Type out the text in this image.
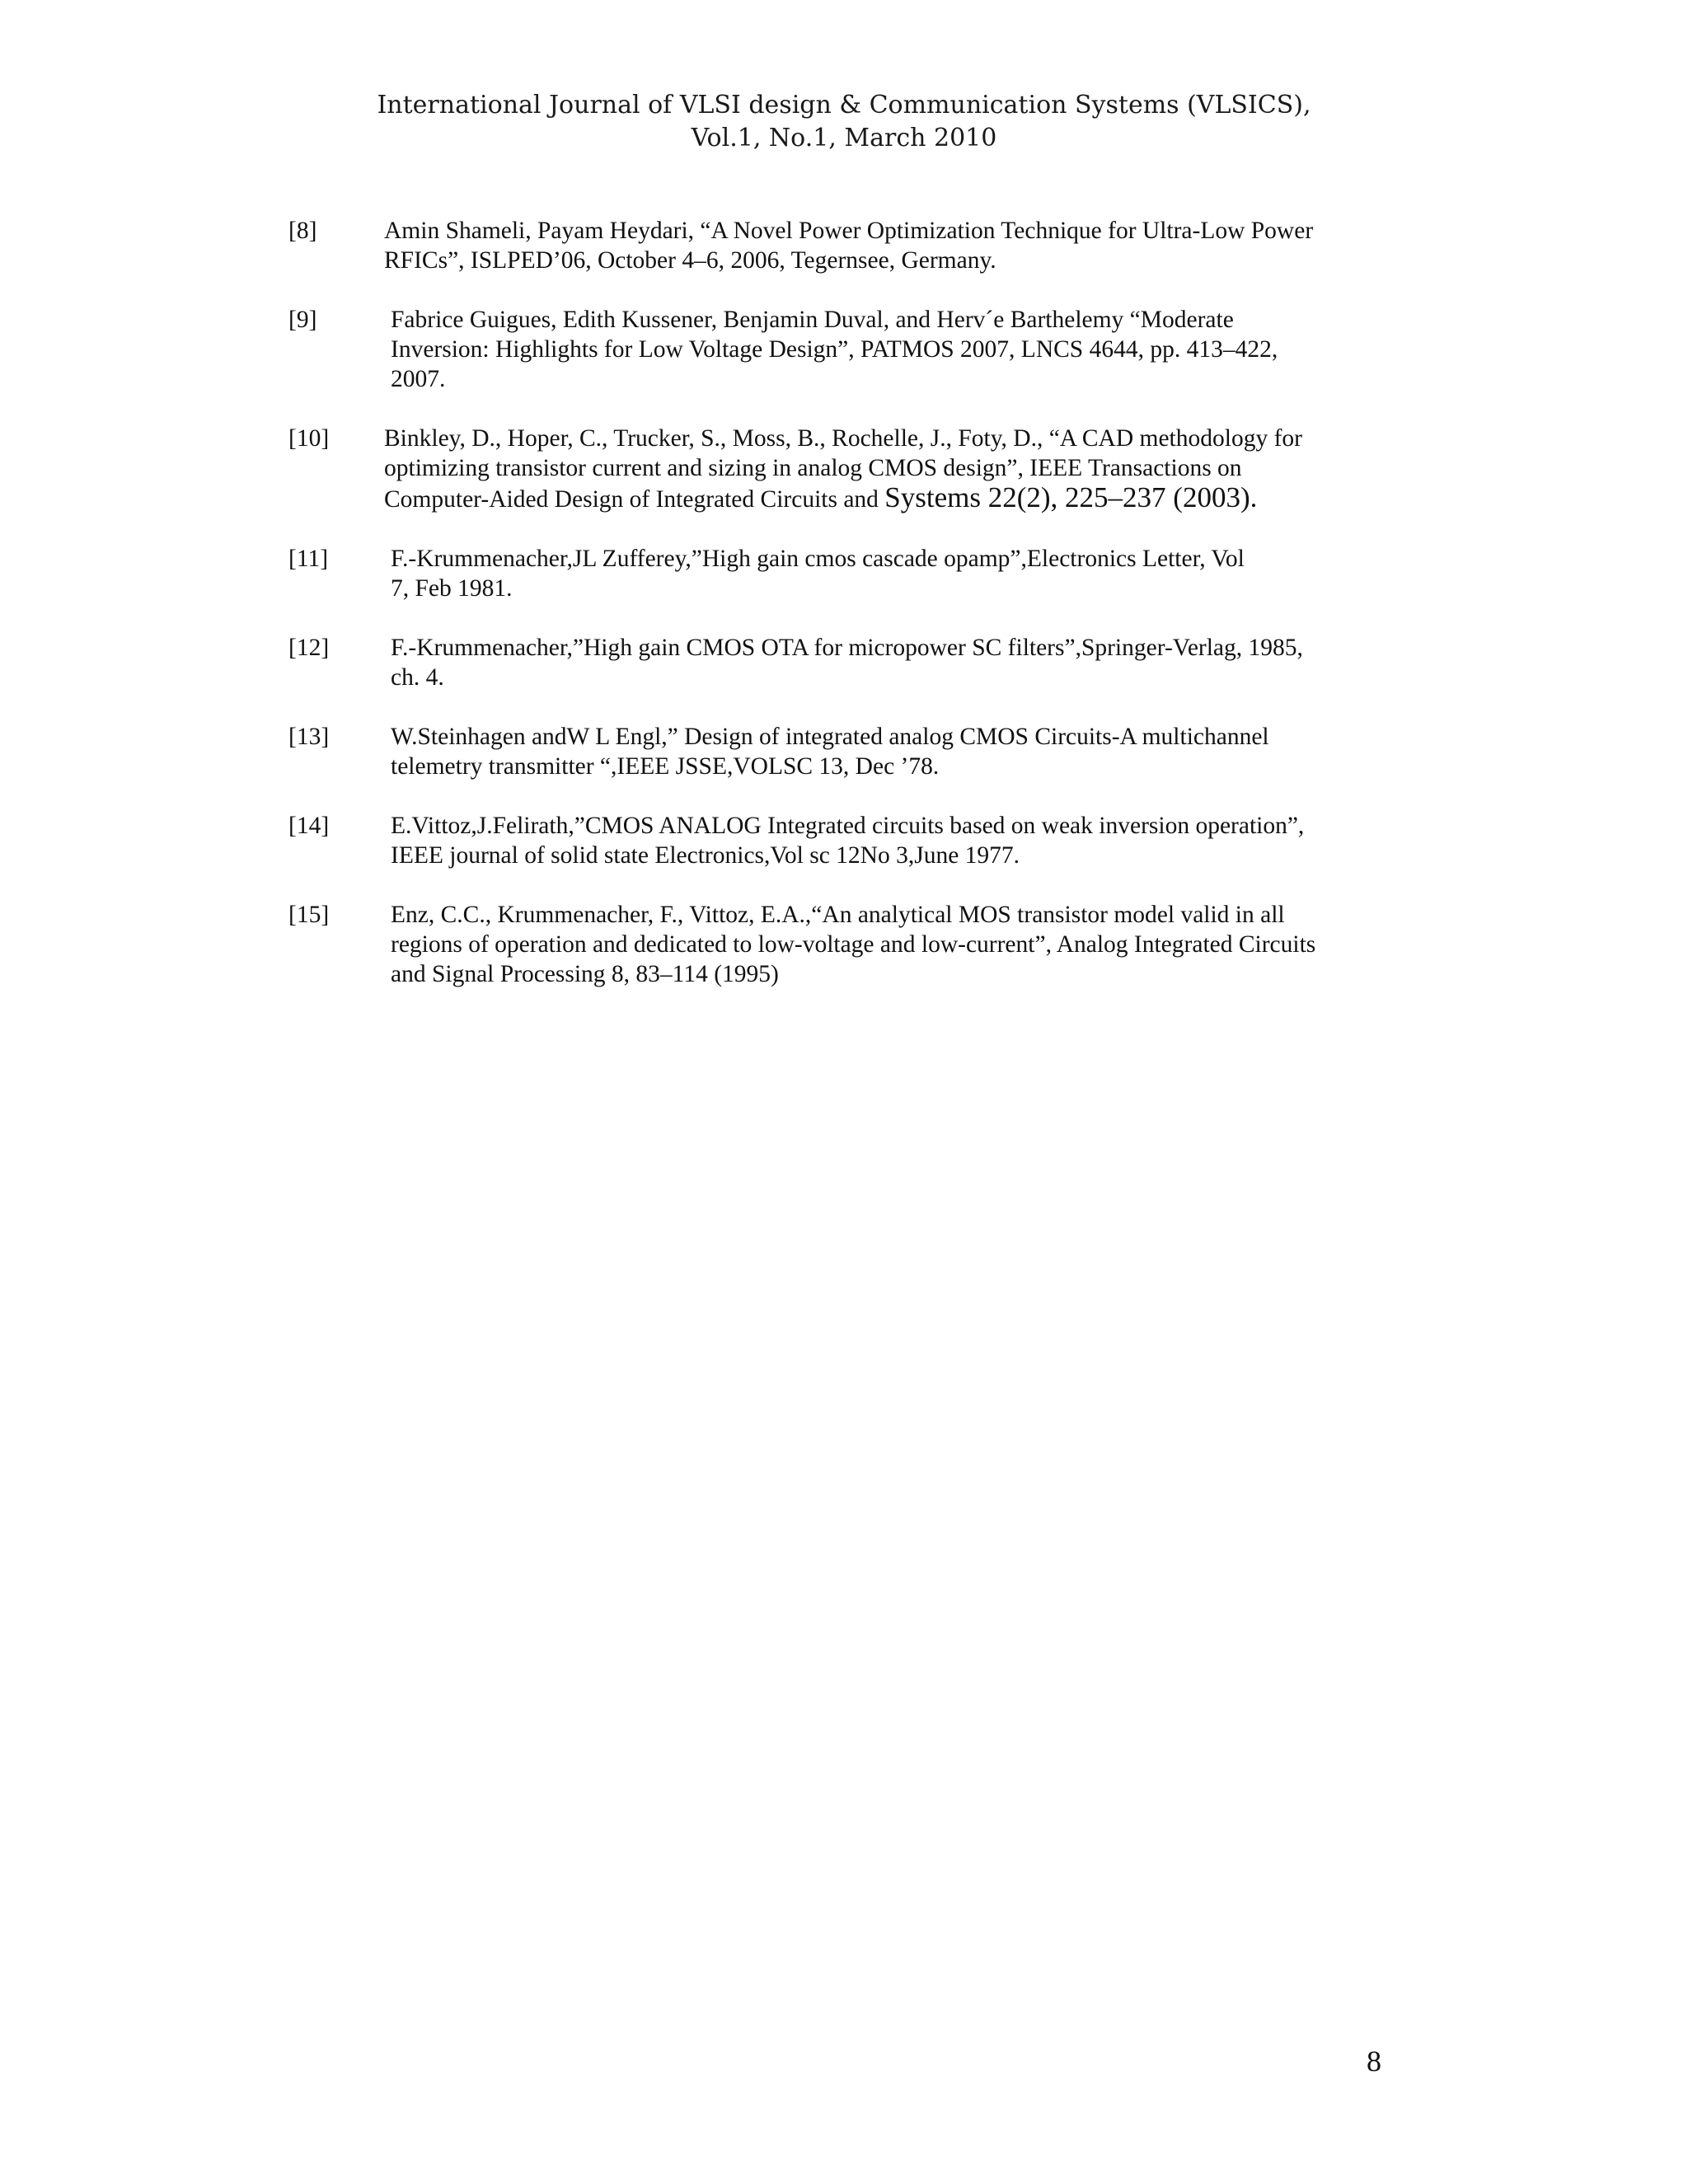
International Journal of VLSI design & Communication Systems (VLSICS),
Vol.1, No.1, March 2010
[8]	Amin Shameli, Payam Heydari, “A Novel Power Optimization Technique for Ultra-Low Power
RFICs”, ISLPED’06, October 4–6, 2006, Tegernsee, Germany.
[9]	Fabrice Guigues, Edith Kussener, Benjamin Duval, and Herv´e Barthelemy “Moderate
Inversion: Highlights for Low Voltage Design”, PATMOS 2007, LNCS 4644, pp. 413–422,
2007.
[10] Binkley, D., Hoper, C., Trucker, S., Moss, B., Rochelle, J., Foty, D., “A CAD methodology for
optimizing transistor current and sizing in analog CMOS design”, IEEE Transactions on
Computer-Aided Design of Integrated Circuits and Systems 22(2), 225–237 (2003).
[11]	F.-Krummenacher,JL Zufferey,”High gain cmos cascade opamp”,Electronics Letter, Vol
7, Feb 1981.
[12]	F.-Krummenacher,”High gain CMOS OTA for micropower SC filters”,Springer-Verlag, 1985,
ch. 4.
[13]	W.Steinhagen andW L Engl,” Design of integrated analog CMOS Circuits-A multichannel
telemetry transmitter “,IEEE JSSE,VOLSC 13, Dec ’78.
[14]	E.Vittoz,J.Felirath,”CMOS ANALOG Integrated circuits based on weak inversion operation”,
IEEE journal of solid state Electronics,Vol sc 12No 3,June 1977.
[15]	Enz, C.C., Krummenacher, F., Vittoz, E.A.,“An analytical MOS transistor model valid in all
regions of operation and dedicated to low-voltage and low-current”, Analog Integrated Circuits
and Signal Processing 8, 83–114 (1995)
8
